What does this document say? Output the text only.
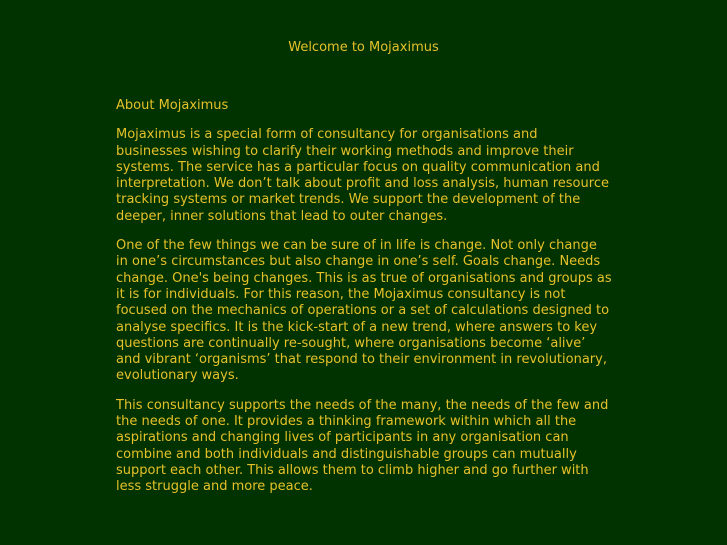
Welcome to Mojaximus
About Mojaximus

Mojaximus is a special form of consultancy for organisations and businesses wishing to clarify their working methods and improve their systems. The service has a particular focus on quality communication and interpretation. We don’t talk about profit and loss analysis, human resource tracking systems or market trends. We support the development of the deeper, inner solutions that lead to outer changes.

One of the few things we can be sure of in life is change. Not only change in one’s circumstances but also change in one’s self. Goals change. Needs change. One's being changes. This is as true of organisations and groups as it is for individuals. For this reason, the Mojaximus consultancy is not focused on the mechanics of operations or a set of calculations designed to analyse specifics. It is the kick-start of a new trend, where answers to key questions are continually re-sought, where organisations become ‘alive’ and vibrant ‘organisms’ that respond to their environment in revolutionary, evolutionary ways.

This consultancy supports the needs of the many, the needs of the few and the needs of one. It provides a thinking framework within which all the aspirations and changing lives of participants in any organisation can combine and both individuals and distinguishable groups can mutually support each other. This allows them to climb higher and go further with less struggle and more peace.
